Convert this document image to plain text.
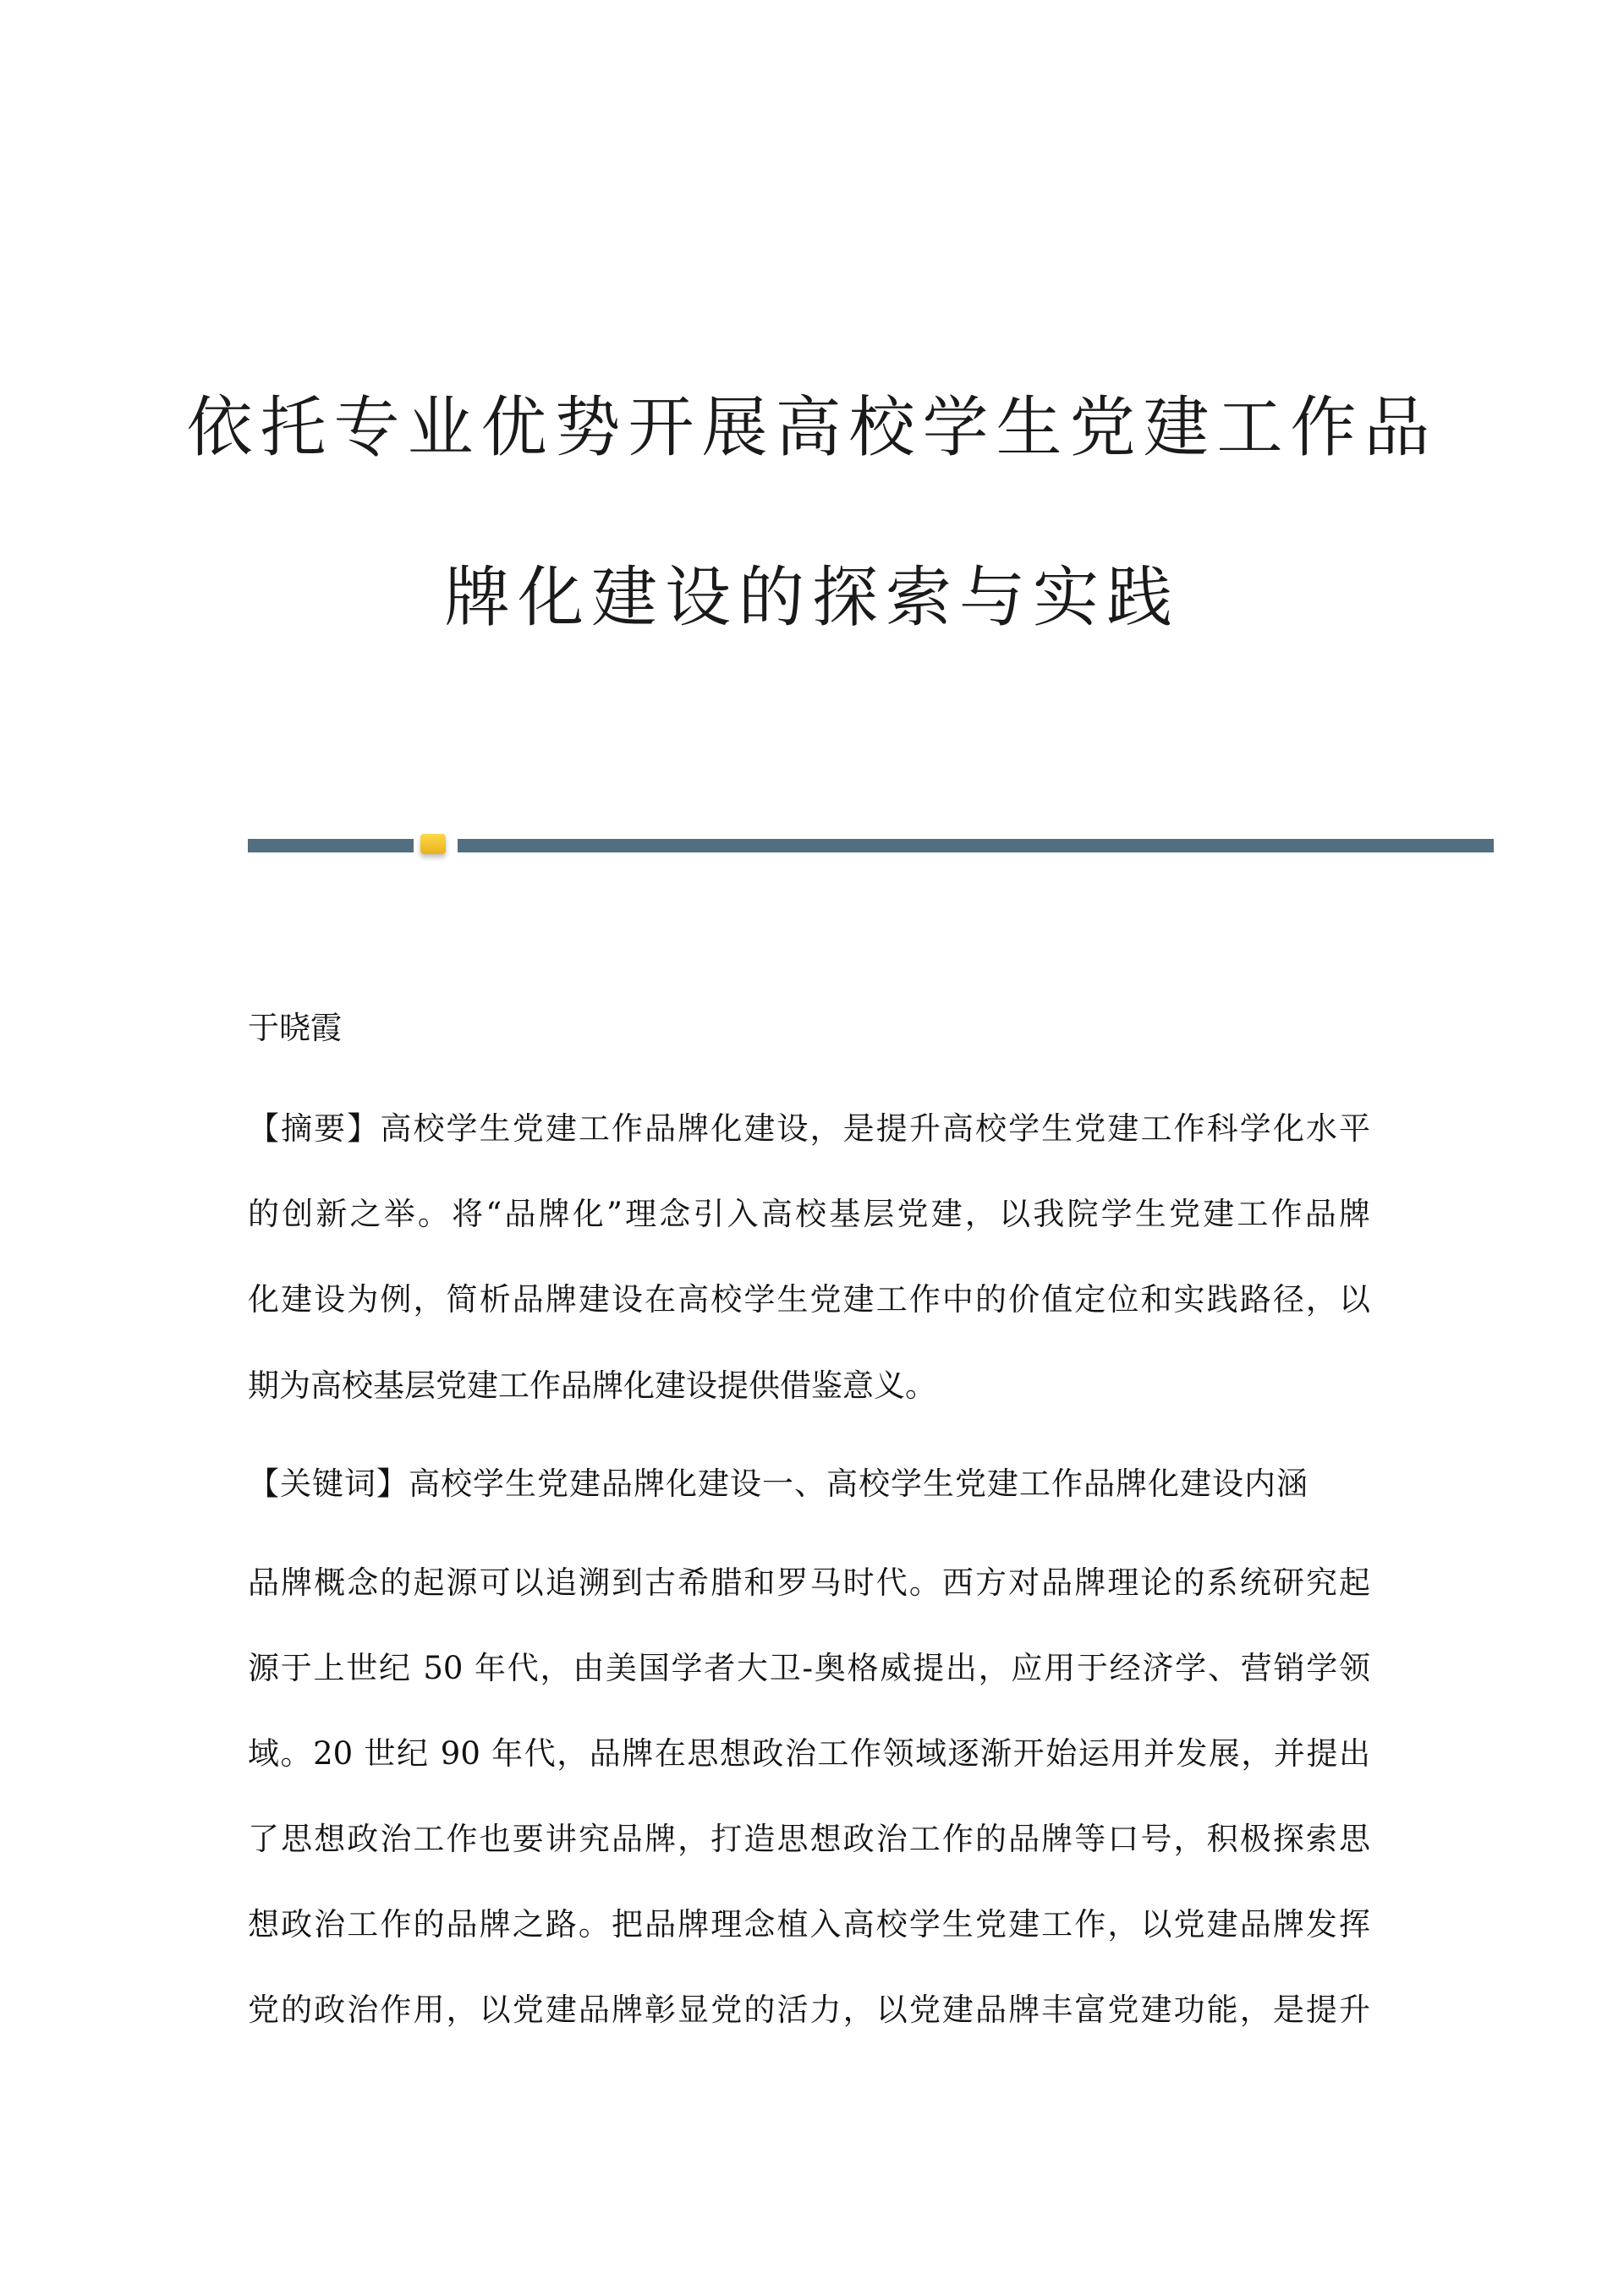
依托专业优势开展高校学生党建工作品
牌化建设的探索与实践
于晓霞
【摘要】高校学生党建工作品牌化建设，是提升高校学生党建工作科学化水平
的创新之举。将“品牌化”理念引入高校基层党建，以我院学生党建工作品牌
化建设为例，简析品牌建设在高校学生党建工作中的价值定位和实践路径，以
期为高校基层党建工作品牌化建设提供借鉴意义。
【关键词】高校学生党建品牌化建设一、高校学生党建工作品牌化建设内涵
品牌概念的起源可以追溯到古希腊和罗马时代。西方对品牌理论的系统研究起
源于上世纪 50 年代，由美国学者大卫-奥格威提出，应用于经济学、营销学领
域。20 世纪 90 年代，品牌在思想政治工作领域逐渐开始运用并发展，并提出
了思想政治工作也要讲究品牌，打造思想政治工作的品牌等口号，积极探索思
想政治工作的品牌之路。把品牌理念植入高校学生党建工作，以党建品牌发挥
党的政治作用，以党建品牌彰显党的活力，以党建品牌丰富党建功能，是提升
